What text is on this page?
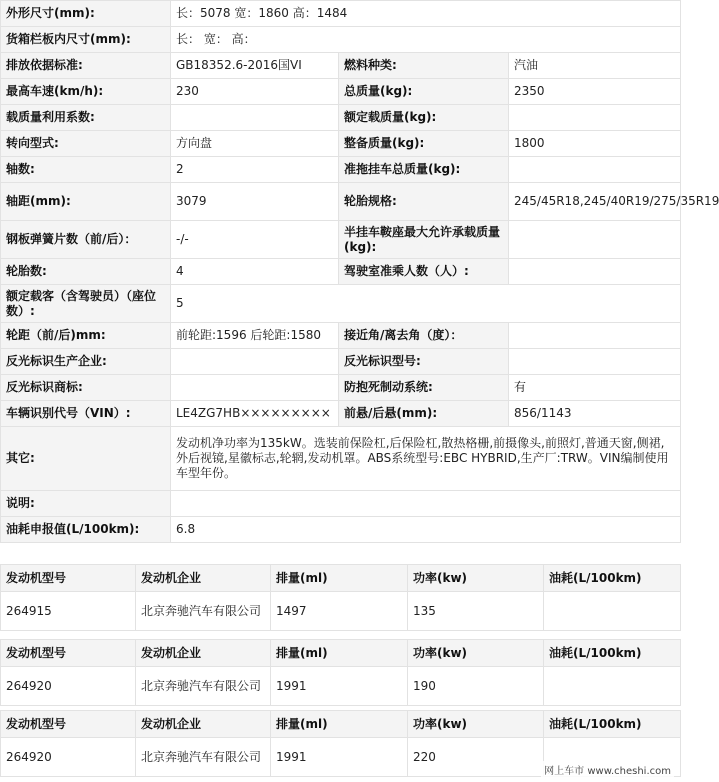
外形尺寸(mm):	长：5078 宽：1860 高：1484		
货箱栏板内尺寸(mm):	长： 宽： 高：		
排放依据标准:	GB18352.6-2016国VI	燃料种类:	汽油
最高车速(km/h):	230	总质量(kg):	2350
载质量利用系数:		额定载质量(kg):	
转向型式:	方向盘	整备质量(kg):	1800
轴数:	2	准拖挂车总质量(kg):	
轴距(mm):	3079	轮胎规格:	245/45R18,245/40R19/275/35R19
钢板弹簧片数（前/后）：	-/-	半挂车鞍座最大允许承载质量(kg):	
轮胎数:	4	驾驶室准乘人数（人）:	
额定载客（含驾驶员）（座位数）:	5		
轮距（前/后)mm:	前轮距:1596 后轮距:1580	接近角/离去角（度）：	
反光标识生产企业:		反光标识型号:	
反光标识商标:		防抱死制动系统:	有
车辆识别代号（VIN）:	LE4ZG7HB×××××××××	前悬/后悬(mm):	856/1143
其它:	发动机净功率为135kW。选装前保险杠,后保险杠,散热格栅,前摄像头,前照灯,普通天窗,侧裙,外后视镜,星徽标志,轮辋,发动机罩。ABS系统型号:EBC HYBRID,生产厂:TRW。VIN编制使用车型年份。		
说明:			
油耗申报值(L/100km):	6.8		
发动机型号	发动机企业	排量(ml)	功率(kw)	油耗(L/100km)
264915	北京奔驰汽车有限公司	1497	135	
发动机型号	发动机企业	排量(ml)	功率(kw)	油耗(L/100km)
264920	北京奔驰汽车有限公司	1991	190	
发动机型号	发动机企业	排量(ml)	功率(kw)	油耗(L/100km)
264920	北京奔驰汽车有限公司	1991	220	
网上车市 www.cheshi.com
